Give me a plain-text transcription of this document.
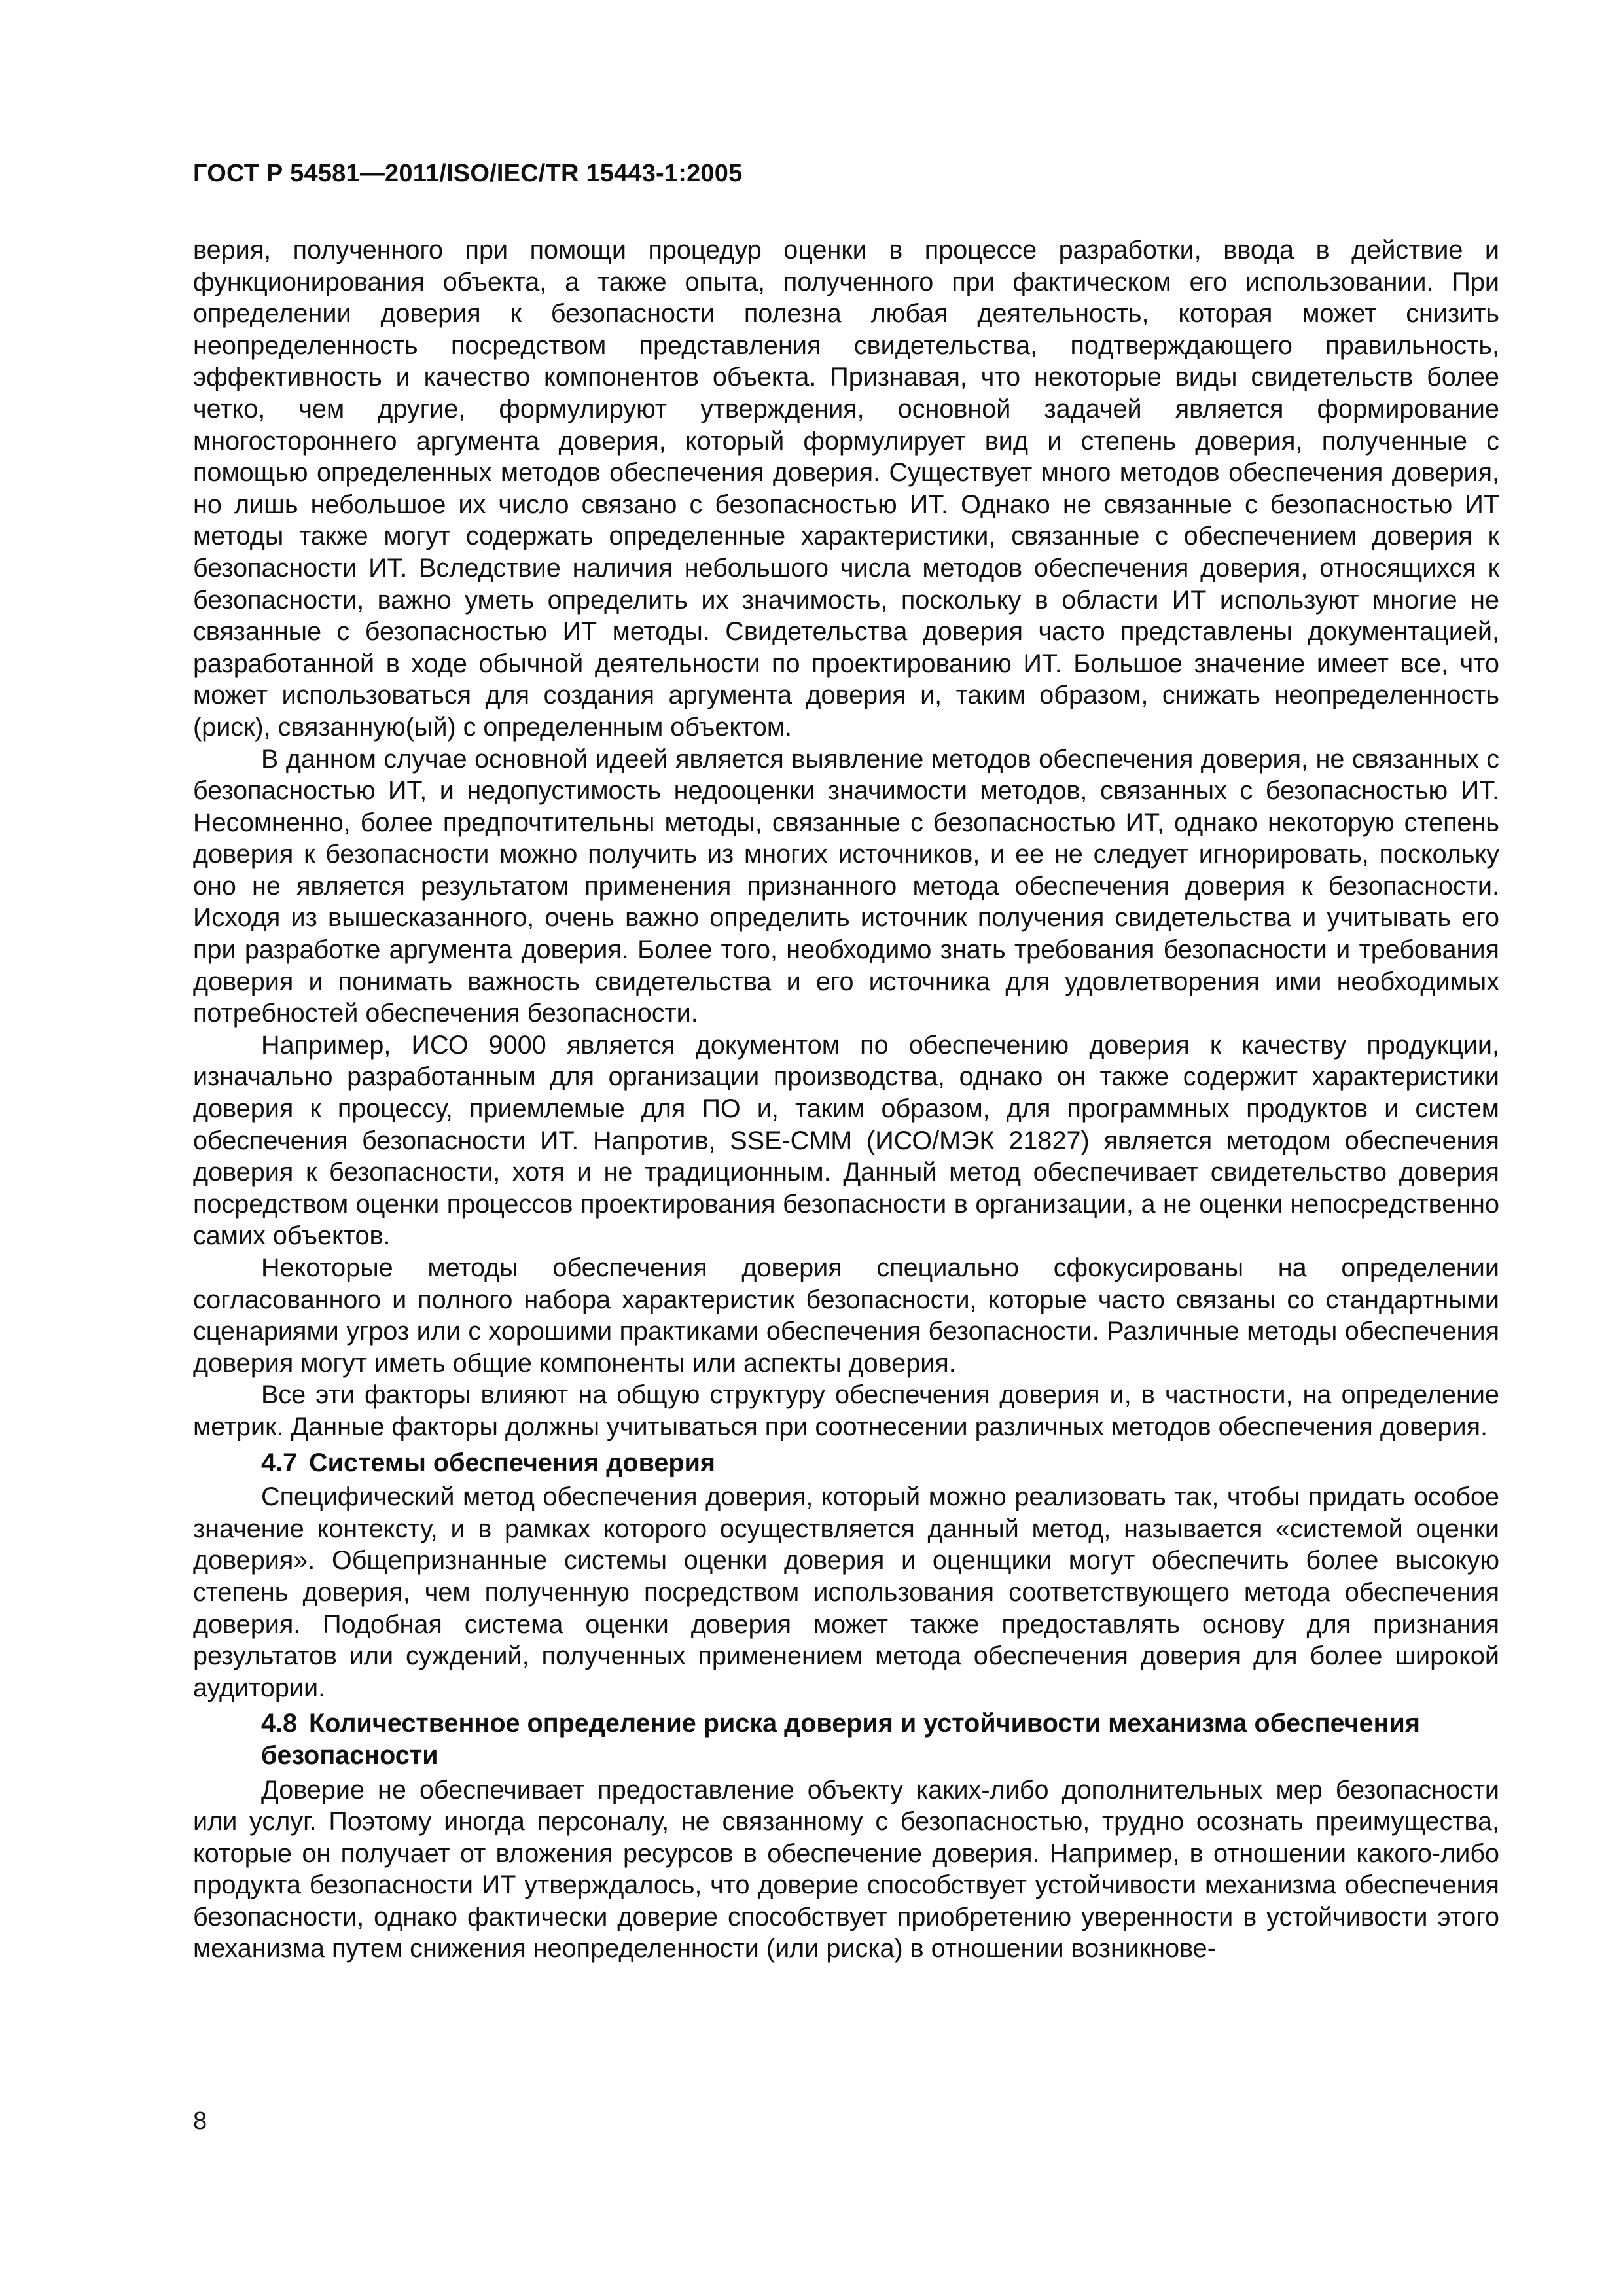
ГОСТ Р 54581—2011/ISO/IEC/TR 15443-1:2005

верия, полученного при помощи процедур оценки в процессе разработки, ввода в действие и функционирования объекта, а также опыта, полученного при фактическом его использовании. При определении доверия к безопасности полезна любая деятельность, которая может снизить неопределенность посредством представления свидетельства, подтверждающего правильность, эффективность и качество компонентов объекта. Признавая, что некоторые виды свидетельств более четко, чем другие, формулируют утверждения, основной задачей является формирование многостороннего аргумента доверия, который формулирует вид и степень доверия, полученные с помощью определенных методов обеспечения доверия. Существует много методов обеспечения доверия, но лишь небольшое их число связано с безопасностью ИТ. Однако не связанные с безопасностью ИТ методы также могут содержать определенные характеристики, связанные с обеспечением доверия к безопасности ИТ. Вследствие наличия небольшого числа методов обеспечения доверия, относящихся к безопасности, важно уметь определить их значимость, поскольку в области ИТ используют многие не связанные с безопасностью ИТ методы. Свидетельства доверия часто представлены документацией, разработанной в ходе обычной деятельности по проектированию ИТ. Большое значение имеет все, что может использоваться для создания аргумента доверия и, таким образом, снижать неопределенность (риск), связанную(ый) с определенным объектом.

В данном случае основной идеей является выявление методов обеспечения доверия, не связанных с безопасностью ИТ, и недопустимость недооценки значимости методов, связанных с безопасностью ИТ. Несомненно, более предпочтительны методы, связанные с безопасностью ИТ, однако некоторую степень доверия к безопасности можно получить из многих источников, и ее не следует игнорировать, поскольку оно не является результатом применения признанного метода обеспечения доверия к безопасности. Исходя из вышесказанного, очень важно определить источник получения свидетельства и учитывать его при разработке аргумента доверия. Более того, необходимо знать требования безопасности и требования доверия и понимать важность свидетельства и его источника для удовлетворения ими необходимых потребностей обеспечения безопасности.

Например, ИСО 9000 является документом по обеспечению доверия к качеству продукции, изначально разработанным для организации производства, однако он также содержит характеристики доверия к процессу, приемлемые для ПО и, таким образом, для программных продуктов и систем обеспечения безопасности ИТ. Напротив, SSE-CMM (ИСО/МЭК 21827) является методом обеспечения доверия к безопасности, хотя и не традиционным. Данный метод обеспечивает свидетельство доверия посредством оценки процессов проектирования безопасности в организации, а не оценки непосредственно самих объектов.

Некоторые методы обеспечения доверия специально сфокусированы на определении согласованного и полного набора характеристик безопасности, которые часто связаны со стандартными сценариями угроз или с хорошими практиками обеспечения безопасности. Различные методы обеспечения доверия могут иметь общие компоненты или аспекты доверия.

Все эти факторы влияют на общую структуру обеспечения доверия и, в частности, на определение метрик. Данные факторы должны учитываться при соотнесении различных методов обеспечения доверия.

4.7 Системы обеспечения доверия

Специфический метод обеспечения доверия, который можно реализовать так, чтобы придать особое значение контексту, и в рамках которого осуществляется данный метод, называется «системой оценки доверия». Общепризнанные системы оценки доверия и оценщики могут обеспечить более высокую степень доверия, чем полученную посредством использования соответствующего метода обеспечения доверия. Подобная система оценки доверия может также предоставлять основу для признания результатов или суждений, полученных применением метода обеспечения доверия для более широкой аудитории.

4.8 Количественное определение риска доверия и устойчивости механизма обеспечения безопасности

Доверие не обеспечивает предоставление объекту каких-либо дополнительных мер безопасности или услуг. Поэтому иногда персоналу, не связанному с безопасностью, трудно осознать преимущества, которые он получает от вложения ресурсов в обеспечение доверия. Например, в отношении какого-либо продукта безопасности ИТ утверждалось, что доверие способствует устойчивости механизма обеспечения безопасности, однако фактически доверие способствует приобретению уверенности в устойчивости этого механизма путем снижения неопределенности (или риска) в отношении возникнове-

8
